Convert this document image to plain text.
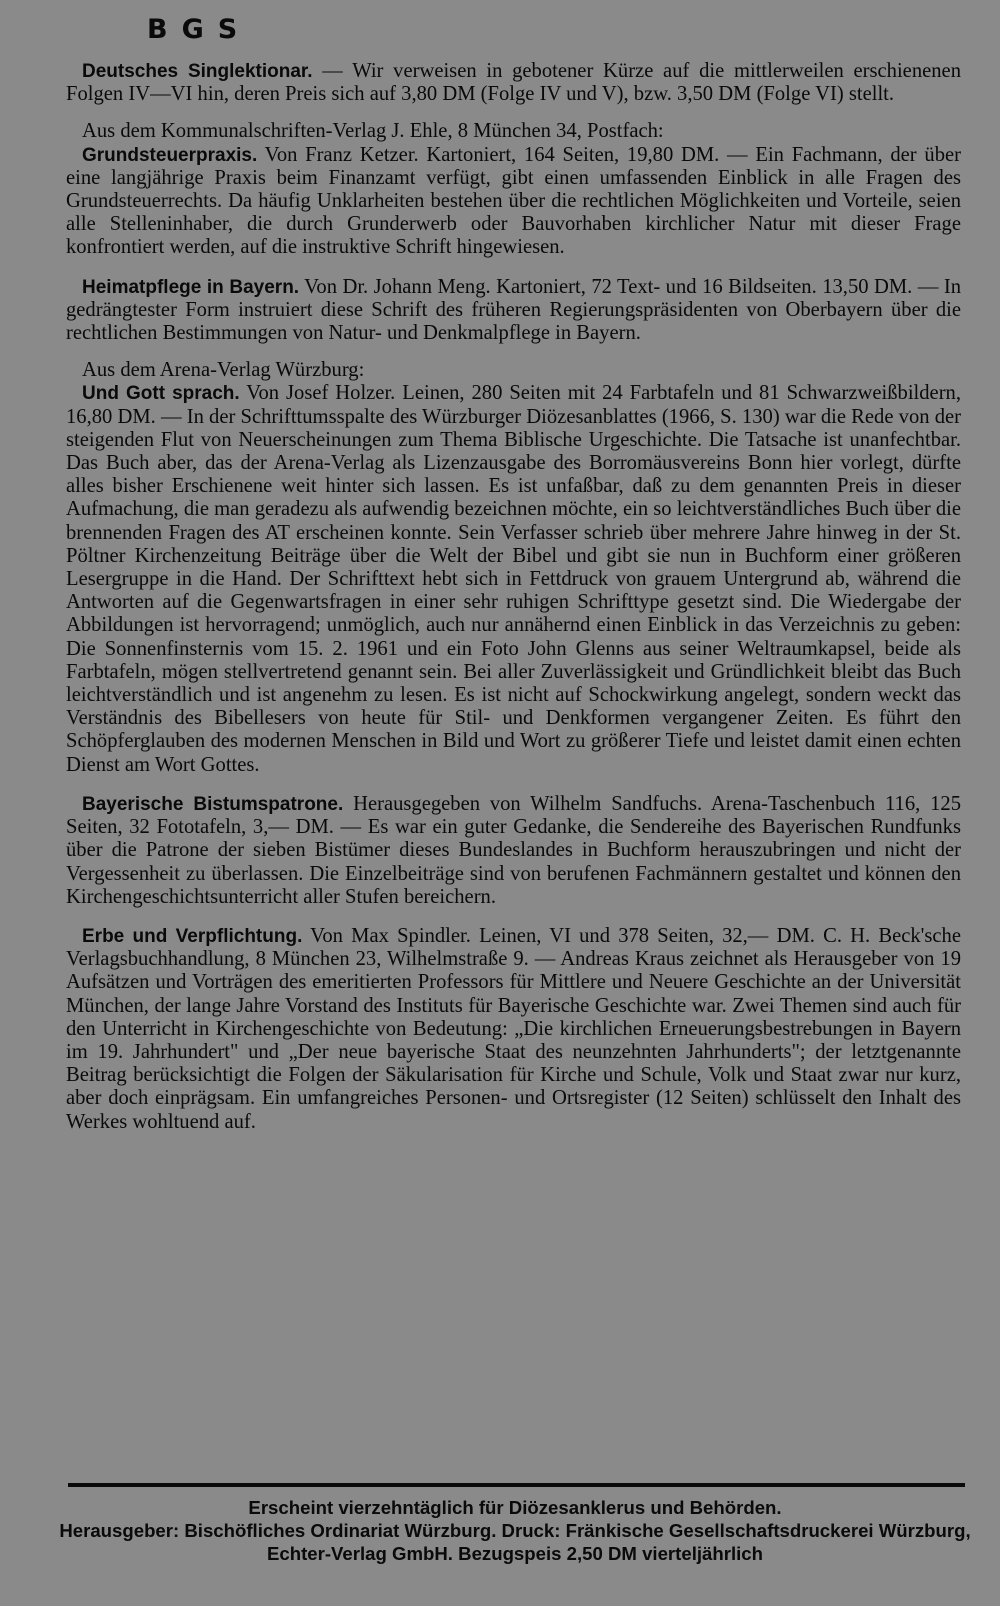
BGS

Deutsches Singlektionar. — Wir verweisen in gebotener Kürze auf die mittlerweilen erschienenen Folgen IV—VI hin, deren Preis sich auf 3,80 DM (Folge IV und V), bzw. 3,50 DM (Folge VI) stellt.

Aus dem Kommunalschriften-Verlag J. Ehle, 8 München 34, Postfach:

Grundsteuerpraxis. Von Franz Ketzer. Kartoniert, 164 Seiten, 19,80 DM. — Ein Fachmann, der über eine langjährige Praxis beim Finanzamt verfügt, gibt einen umfassenden Einblick in alle Fragen des Grundsteuerrechts. Da häufig Unklarheiten bestehen über die rechtlichen Möglichkeiten und Vorteile, seien alle Stelleninhaber, die durch Grunderwerb oder Bauvorhaben kirchlicher Natur mit dieser Frage konfrontiert werden, auf die instruktive Schrift hingewiesen.

Heimatpflege in Bayern. Von Dr. Johann Meng. Kartoniert, 72 Text- und 16 Bildseiten. 13,50 DM. — In gedrängtester Form instruiert diese Schrift des früheren Regierungspräsidenten von Oberbayern über die rechtlichen Bestimmungen von Natur- und Denkmalpflege in Bayern.

Aus dem Arena-Verlag Würzburg:

Und Gott sprach. Von Josef Holzer. Leinen, 280 Seiten mit 24 Farbtafeln und 81 Schwarzweißbildern, 16,80 DM. — In der Schrifttumsspalte des Würzburger Diözesanblattes (1966, S. 130) war die Rede von der steigenden Flut von Neuerscheinungen zum Thema Biblische Urgeschichte. Die Tatsache ist unanfechtbar. Das Buch aber, das der Arena-Verlag als Lizenzausgabe des Borromäusvereins Bonn hier vorlegt, dürfte alles bisher Erschienene weit hinter sich lassen. Es ist unfaßbar, daß zu dem genannten Preis in dieser Aufmachung, die man geradezu als aufwendig bezeichnen möchte, ein so leichtverständliches Buch über die brennenden Fragen des AT erscheinen konnte. Sein Verfasser schrieb über mehrere Jahre hinweg in der St. Pöltner Kirchenzeitung Beiträge über die Welt der Bibel und gibt sie nun in Buchform einer größeren Lesergruppe in die Hand. Der Schrifttext hebt sich in Fettdruck von grauem Untergrund ab, während die Antworten auf die Gegenwartsfragen in einer sehr ruhigen Schrifttype gesetzt sind. Die Wiedergabe der Abbildungen ist hervorragend; unmöglich, auch nur annähernd einen Einblick in das Verzeichnis zu geben: Die Sonnenfinsternis vom 15. 2. 1961 und ein Foto John Glenns aus seiner Weltraumkapsel, beide als Farbtafeln, mögen stellvertretend genannt sein. Bei aller Zuverlässigkeit und Gründlichkeit bleibt das Buch leichtverständlich und ist angenehm zu lesen. Es ist nicht auf Schockwirkung angelegt, sondern weckt das Verständnis des Bibellesers von heute für Stil- und Denkformen vergangener Zeiten. Es führt den Schöpferglauben des modernen Menschen in Bild und Wort zu größerer Tiefe und leistet damit einen echten Dienst am Wort Gottes.

Bayerische Bistumspatrone. Herausgegeben von Wilhelm Sandfuchs. Arena-Taschenbuch 116, 125 Seiten, 32 Fototafeln, 3,— DM. — Es war ein guter Gedanke, die Sendereihe des Bayerischen Rundfunks über die Patrone der sieben Bistümer dieses Bundeslandes in Buchform herauszubringen und nicht der Vergessenheit zu überlassen. Die Einzelbeiträge sind von berufenen Fachmännern gestaltet und können den Kirchengeschichtsunterricht aller Stufen bereichern.

Erbe und Verpflichtung. Von Max Spindler. Leinen, VI und 378 Seiten, 32,— DM. C. H. Beck'sche Verlagsbuchhandlung, 8 München 23, Wilhelmstraße 9. — Andreas Kraus zeichnet als Herausgeber von 19 Aufsätzen und Vorträgen des emeritierten Professors für Mittlere und Neuere Geschichte an der Universität München, der lange Jahre Vorstand des Instituts für Bayerische Geschichte war. Zwei Themen sind auch für den Unterricht in Kirchengeschichte von Bedeutung: „Die kirchlichen Erneuerungsbestrebungen in Bayern im 19. Jahrhundert" und „Der neue bayerische Staat des neunzehnten Jahrhunderts"; der letztgenannte Beitrag berücksichtigt die Folgen der Säkularisation für Kirche und Schule, Volk und Staat zwar nur kurz, aber doch einprägsam. Ein umfangreiches Personen- und Ortsregister (12 Seiten) schlüsselt den Inhalt des Werkes wohltuend auf.

Erscheint vierzehntäglich für Diözesanklerus und Behörden.

Herausgeber: Bischöfliches Ordinariat Würzburg. Druck: Fränkische Gesellschaftsdruckerei Würzburg, Echter-Verlag GmbH. Bezugspeis 2,50 DM vierteljährlich
